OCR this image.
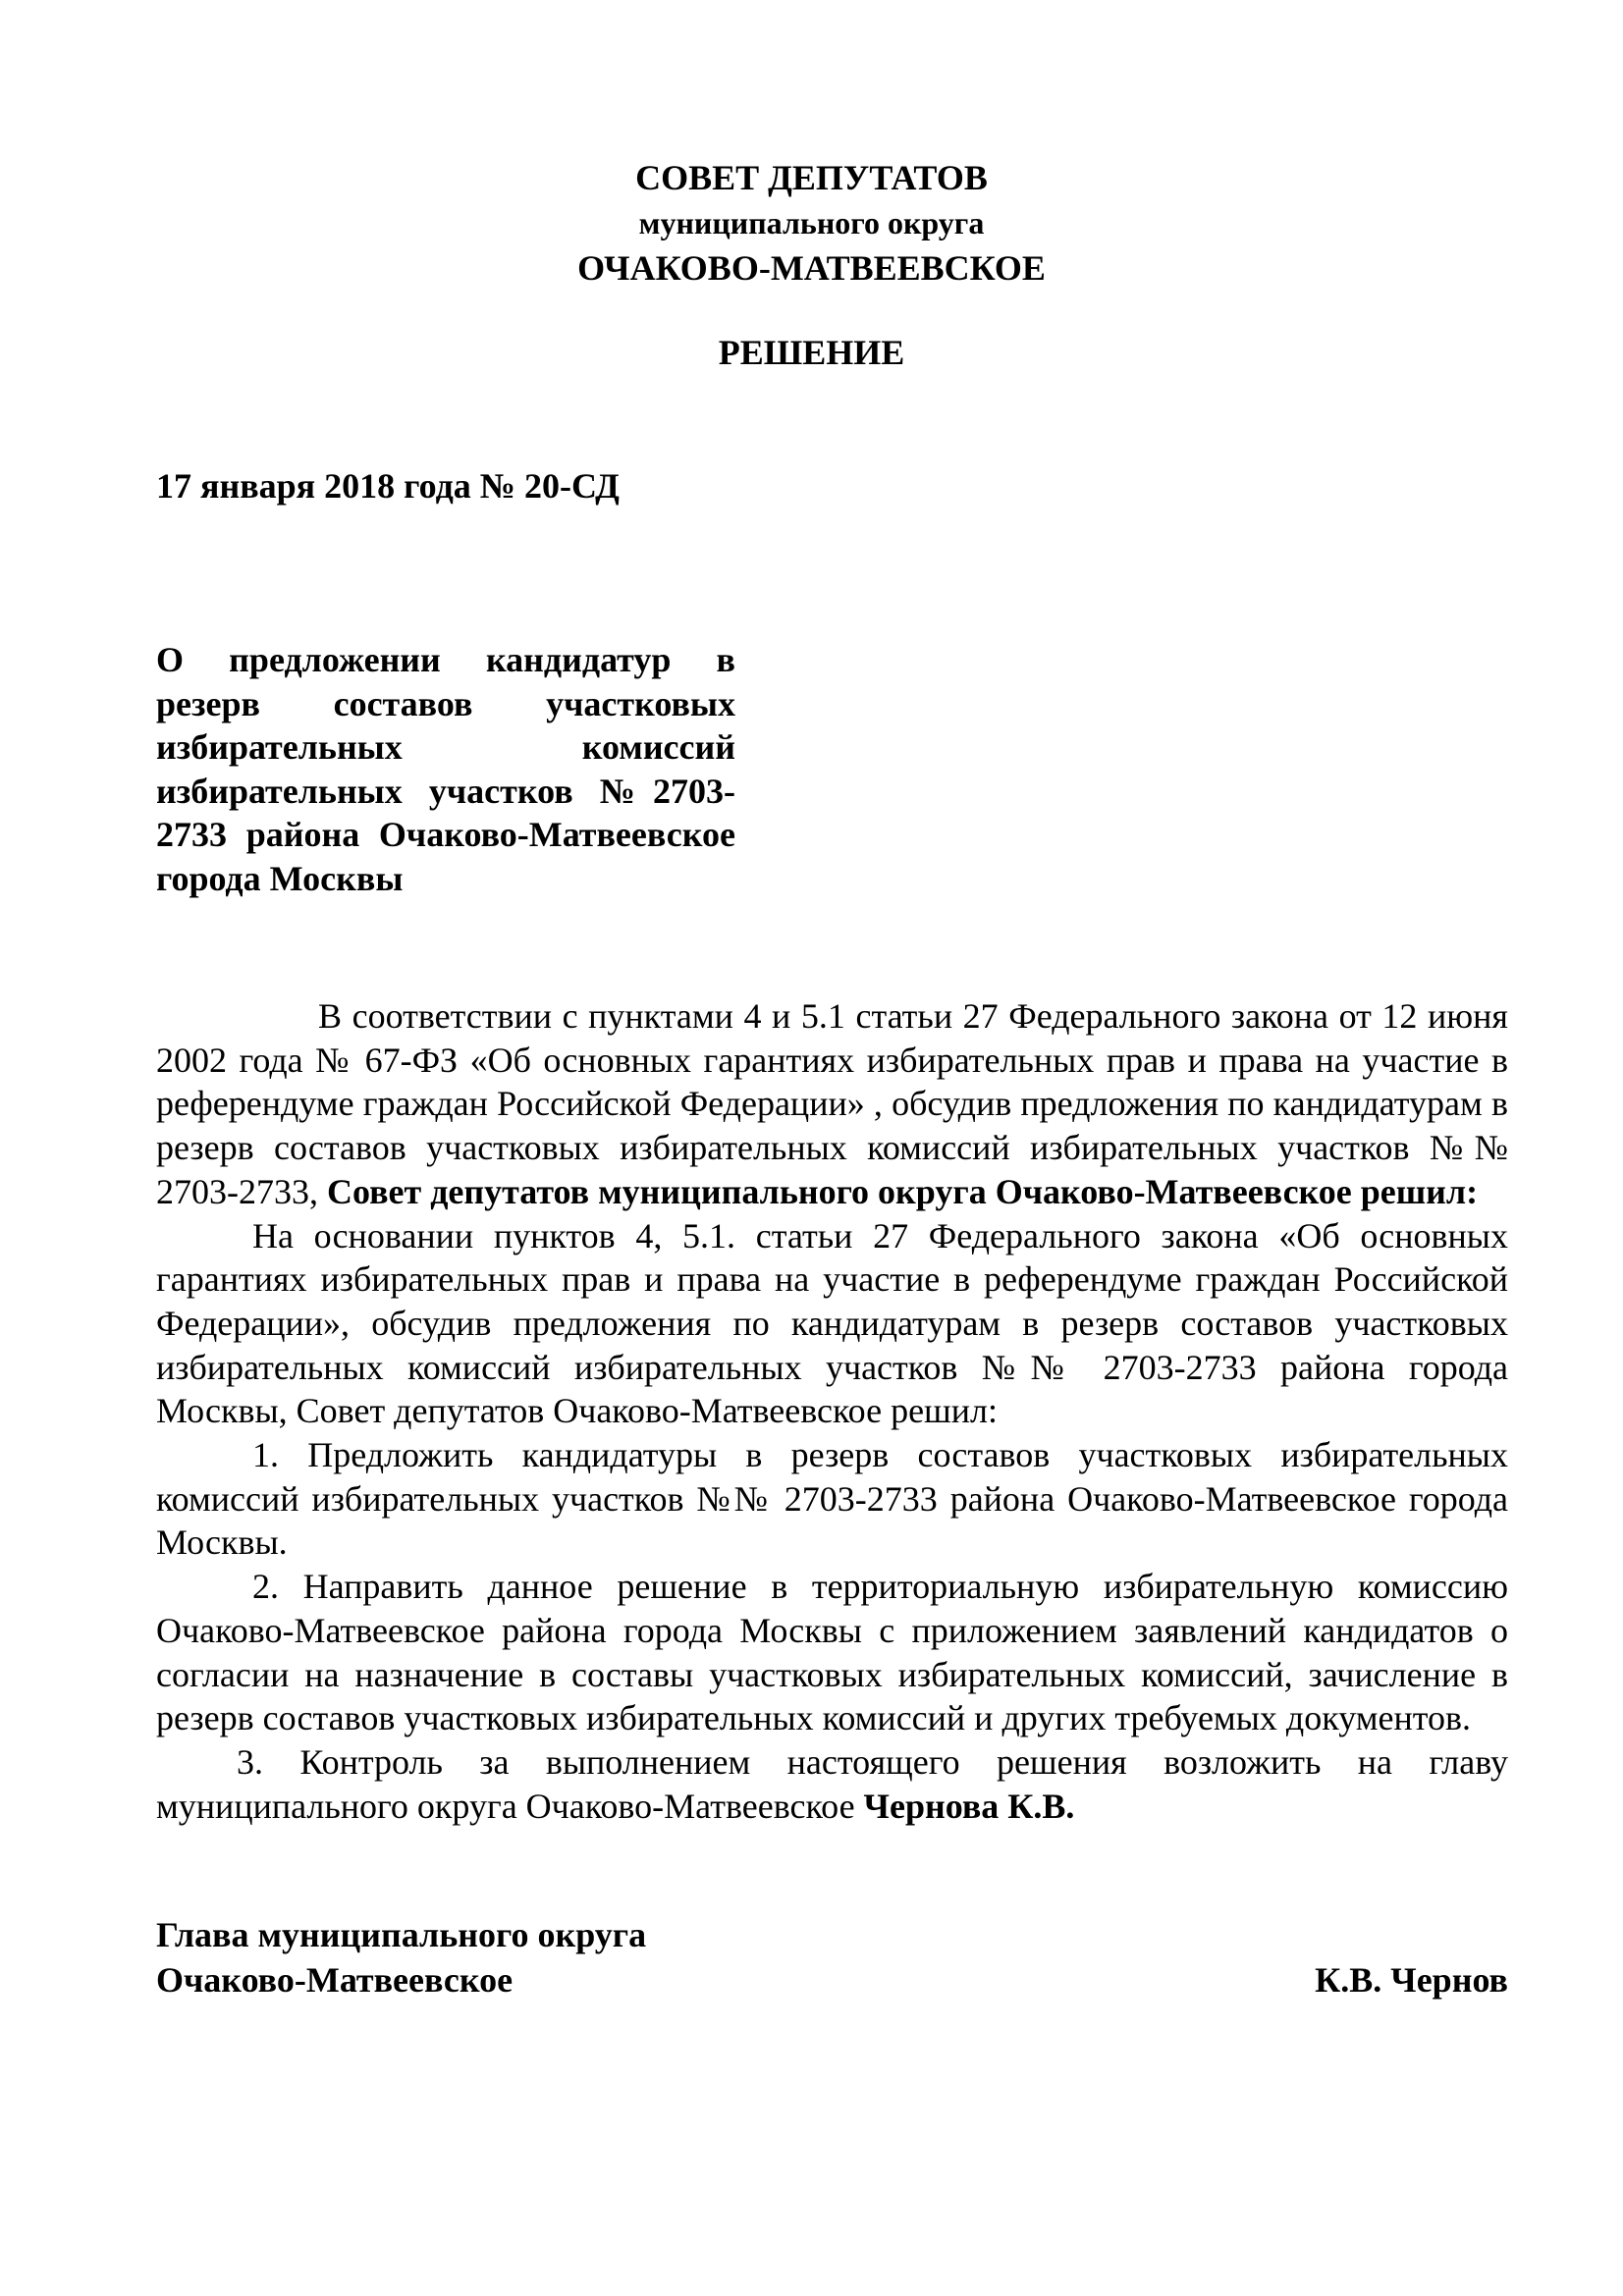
СОВЕТ ДЕПУТАТОВ
муниципального округа
ОЧАКОВО-МАТВЕЕВСКОЕ
РЕШЕНИЕ
17 января 2018 года № 20-СД
О предложении кандидатур в резерв составов участковых избирательных комиссий избирательных участков №2703-2733 района Очаково-Матвеевское города Москвы

В соответствии с пунктами 4 и 5.1 статьи 27 Федерального закона от 12 июня 2002 года № 67-ФЗ «Об основных гарантиях избирательных прав и права на участие в референдуме граждан Российской Федерации» , обсудив предложения по кандидатурам в резерв составов участковых избирательных комиссий избирательных участков №№ 2703-2733, Совет депутатов муниципального округа Очаково-Матвеевское решил:

На основании пунктов 4, 5.1. статьи 27 Федерального закона «Об основных гарантиях избирательных прав и права на участие в референдуме граждан Российской Федерации», обсудив предложения по кандидатурам в резерв составов участковых избирательных комиссий избирательных участков №№ 2703-2733 района города Москвы, Совет депутатов Очаково-Матвеевское решил:

1. Предложить кандидатуры в резерв составов участковых избирательных комиссий избирательных участков №№ 2703-2733 района Очаково-Матвеевское города Москвы.

2. Направить данное решение в территориальную избирательную комиссию Очаково-Матвеевское района города Москвы с приложением заявлений кандидатов о согласии на назначение в составы участковых избирательных комиссий, зачисление в резерв составов участковых избирательных комиссий и других требуемых документов.

3. Контроль за выполнением настоящего решения возложить на главу муниципального округа Очаково-Матвеевское Чернова К.В.

Глава муниципального округа
Очаково-Матвеевское	К.В. Чернов
